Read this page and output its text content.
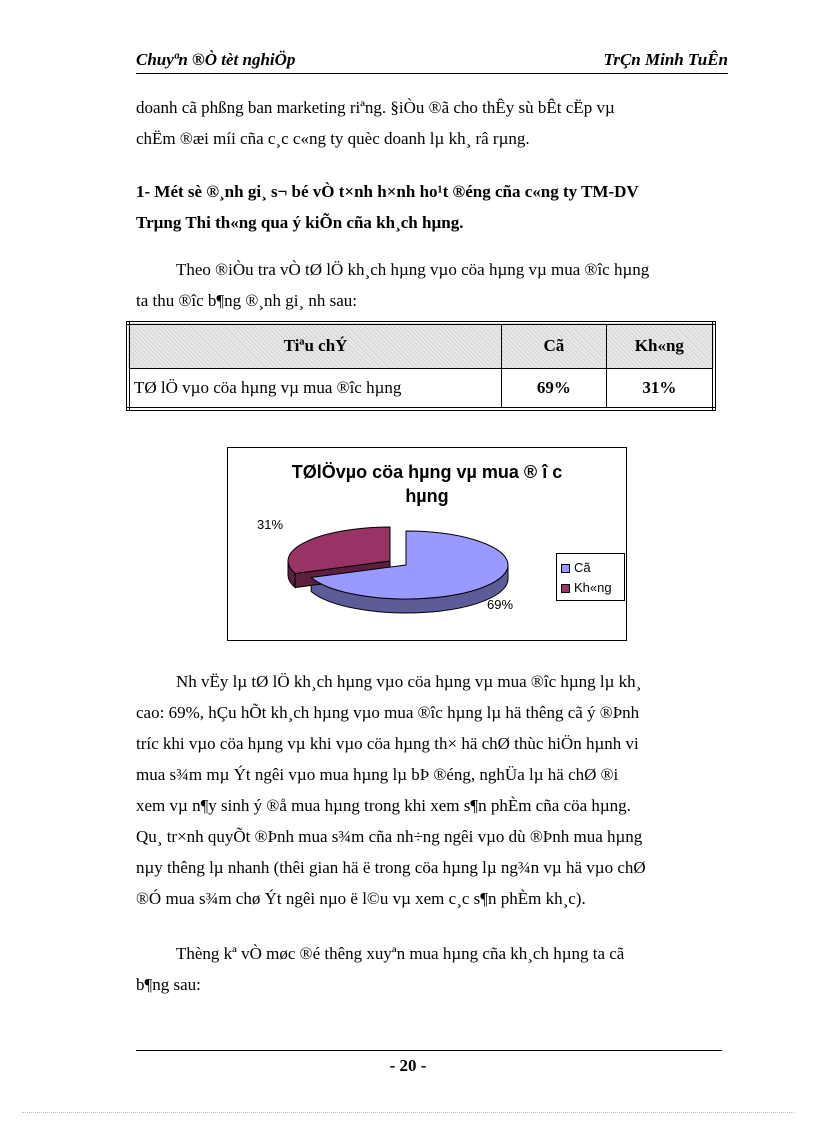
Chuyªn ®Ò tèt nghiÖp	TrÇn Minh TuÊn
doanh cã phßng ban marketing riªng. §iÒu ®ã cho thÊy sù bÊt cËp vµ
chËm ®æi míi cña c¸c c«ng ty quèc doanh lµ kh¸ râ rµng.
1- Mét sè ®¸nh gi¸ s¬ bé vÒ t×nh h×nh ho¹t ®éng cña c«ng ty TM-DV
Trµng Thi th«ng qua ý kiÕn cña kh¸ch hµng.
Theo ®iÒu tra vÒ tØ lÖ kh¸ch hµng vµo cöa hµng vµ mua ®îc hµng
ta thu ®îc b¶ng ®¸nh gi¸ nh sau:
Tiªu chÝ	Cã	Kh«ng
TØ lÖ vµo cöa hµng vµ mua ®îc hµng	69%	31%
TØlÖvµo cöa hµng vµ mua ® î c
hµng
31%
69%
Cã
Kh«ng
Nh vËy lµ tØ lÖ kh¸ch hµng vµo cöa hµng vµ mua ®îc hµng lµ kh¸
cao: 69%, hÇu hÕt kh¸ch hµng vµo mua ®îc hµng lµ hä thêng cã ý ®Þnh
tríc khi vµo cöa hµng vµ khi vµo cöa hµng th× hä chØ thùc hiÖn hµnh vi
mua s¾m mµ Ýt ngêi vµo mua hµng lµ bÞ ®éng, nghÜa lµ hä chØ ®i
xem vµ n¶y sinh ý ®å mua hµng trong khi xem s¶n phÈm cña cöa hµng.
Qu¸ tr×nh quyÕt ®Þnh mua s¾m cña nh÷ng ngêi vµo dù ®Þnh mua hµng
nµy thêng lµ nhanh (thêi gian hä ë trong cöa hµng lµ ng¾n vµ hä vµo chØ
®Ó mua s¾m chø Ýt ngêi nµo ë l©u vµ xem c¸c s¶n phÈm kh¸c).
Thèng kª vÒ møc ®é thêng xuyªn mua hµng cña kh¸ch hµng ta cã
b¶ng sau:
- 20 -
